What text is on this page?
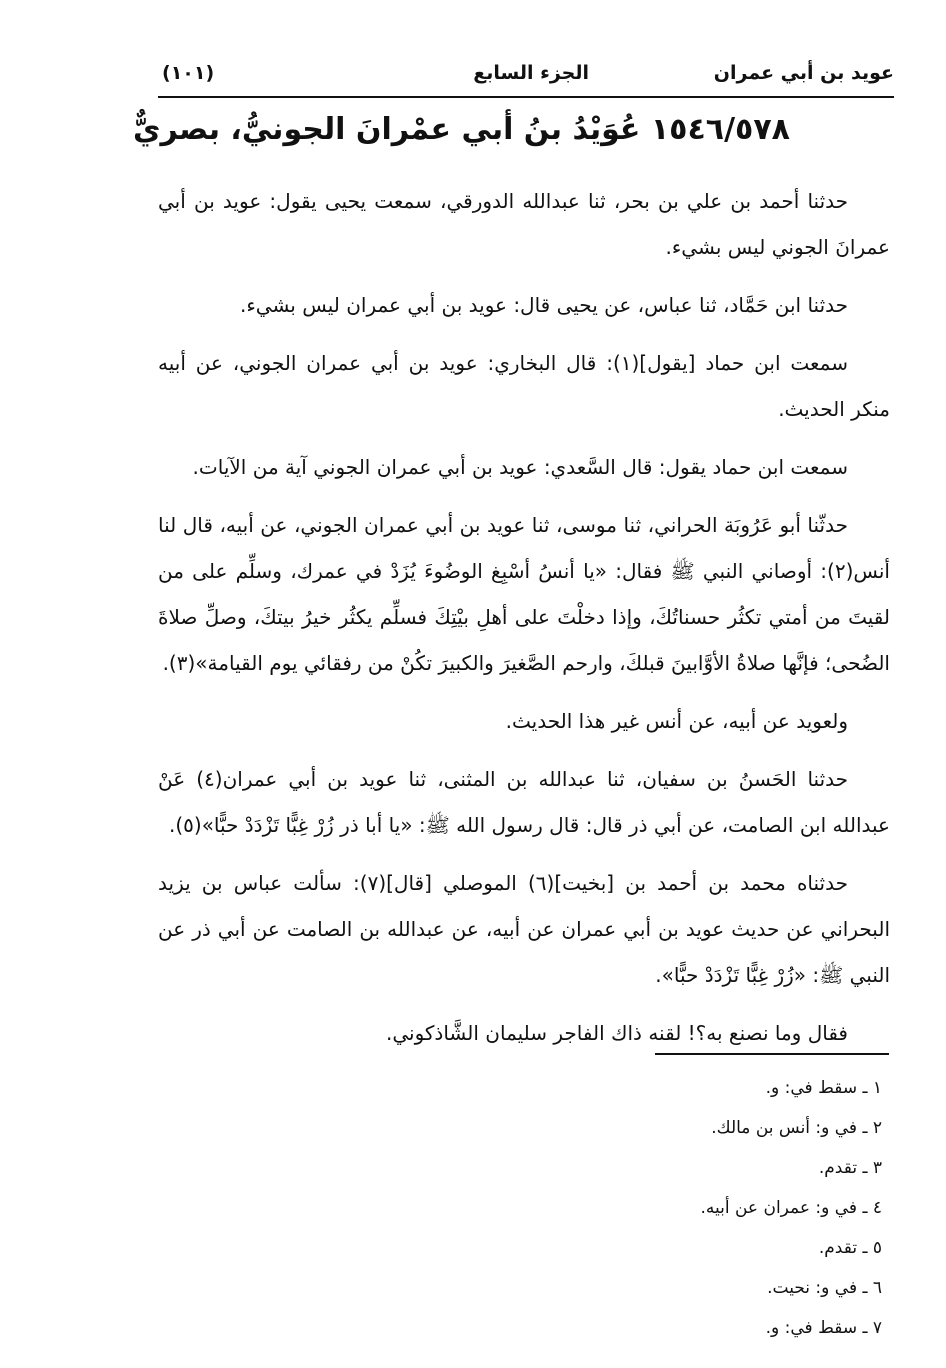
عويد بن أبي عمران
الجزء السابع
(١٠١)
١٥٤٦/٥٧٨ عُوَيْدُ بنُ أبي عمْرانَ الجونيُّ، بصريٌّ

حدثنا أحمد بن علي بن بحر، ثنا عبدالله الدورقي، سمعت يحيى يقول: عويد بن أبي عمرانَ الجوني ليس بشيء.

حدثنا ابن حَمَّاد، ثنا عباس، عن يحيى قال: عويد بن أبي عمران ليس بشيء.

سمعت ابن حماد [يقول](١): قال البخاري: عويد بن أبي عمران الجوني، عن أبيه منكر الحديث.

سمعت ابن حماد يقول: قال السَّعدي: عويد بن أبي عمران الجوني آية من الآيات.

حدثّنا أبو عَرُوبَة الحراني، ثنا موسى، ثنا عويد بن أبي عمران الجوني، عن أبيه، قال لنا أنس(٢): أوصاني النبي ﷺ فقال: «يا أنسُ أسْبِغ الوضُوءَ يُزَدْ في عمرك، وسلِّم على من لقيتَ من أمتي تكثُر حسناتُكَ، وإذا دخلْتَ على أهلِ بيْتِكَ فسلِّم يكثُر خيرُ بيتكَ، وصلِّ صلاةَ الضُحى؛ فإنَّها صلاةُ الأوَّابينَ قبلكَ، وارحم الصَّغيرَ والكبيرَ تكُنْ من رفقائي يوم القيامة»(٣).

ولعويد عن أبيه، عن أنس غير هذا الحديث.

حدثنا الحَسنُ بن سفيان، ثنا عبدالله بن المثنى، ثنا عويد بن أبي عمران(٤) عَنْ عبدالله ابن الصامت، عن أبي ذر قال: قال رسول الله ﷺ: «يا أبا ذر زُرْ غِبًّا تَزْدَدْ حبًّا»(٥).

حدثناه محمد بن أحمد بن [بخيت](٦) الموصلي [قال](٧): سألت عباس بن يزيد البحراني عن حديث عويد بن أبي عمران عن أبيه، عن عبدالله بن الصامت عن أبي ذر عن النبي ﷺ: «زُرْ غِبًّا تَزْدَدْ حبًّا».

فقال وما نصنع به؟! لقنه ذاك الفاجر سليمان الشَّاذكوني.

١ ـ سقط في: و.
٢ ـ في و: أنس بن مالك.
٣ ـ تقدم.
٤ ـ في و: عمران عن أبيه.
٥ ـ تقدم.
٦ ـ في و: نحيت.
٧ ـ سقط في: و.
